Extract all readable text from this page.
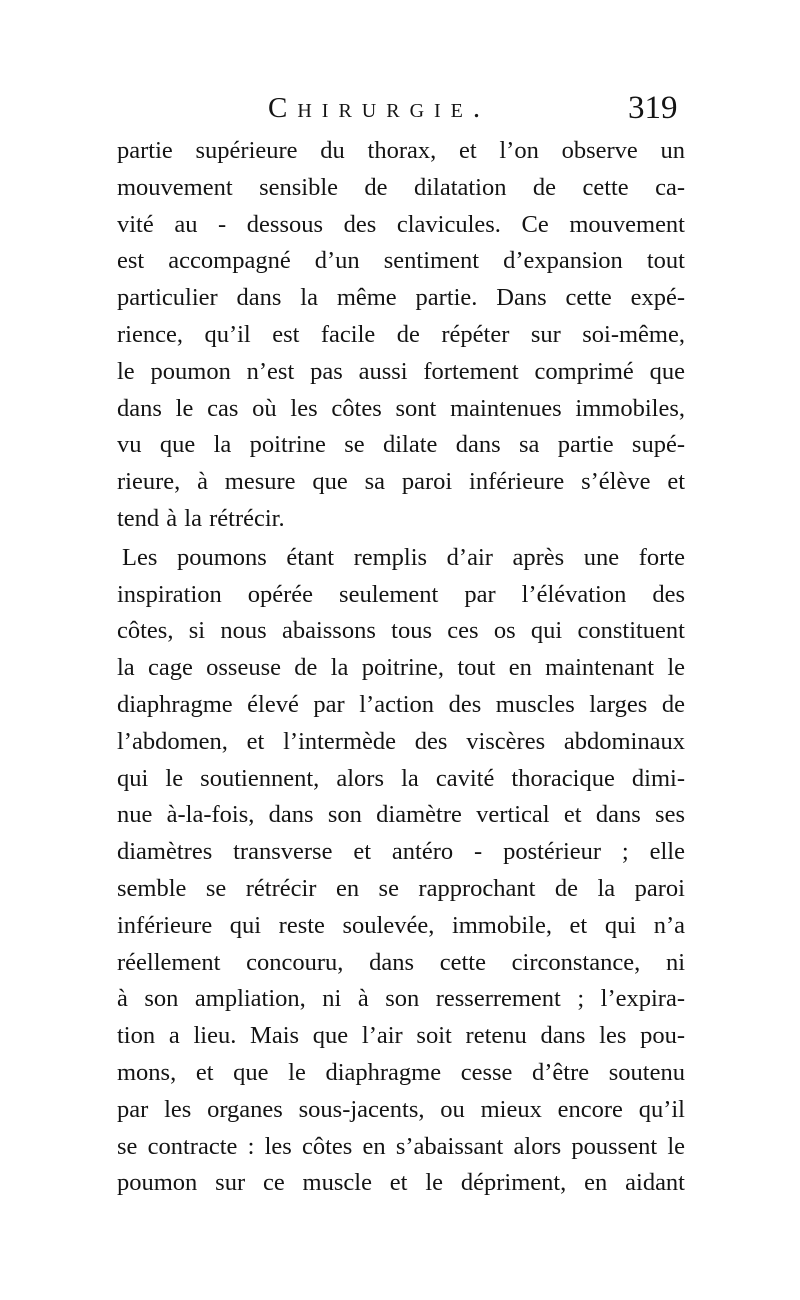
Chirurgie.	319
partie supérieure du thorax, et l’on observe un
mouvement sensible de dilatation de cette ca-
vité au - dessous des clavicules. Ce mouvement
est accompagné d’un sentiment d’expansion tout
particulier dans la même partie. Dans cette expé-
rience, qu’il est facile de répéter sur soi-même,
le poumon n’est pas aussi fortement comprimé que
dans le cas où les côtes sont maintenues immobiles,
vu que la poitrine se dilate dans sa partie supé-
rieure, à mesure que sa paroi inférieure s’élève et
tend à la rétrécir.
Les poumons étant remplis d’air après une forte
inspiration opérée seulement par l’élévation des
côtes, si nous abaissons tous ces os qui constituent
la cage osseuse de la poitrine, tout en maintenant le
diaphragme élevé par l’action des muscles larges de
l’abdomen, et l’intermède des viscères abdominaux
qui le soutiennent, alors la cavité thoracique dimi-
nue à-la-fois, dans son diamètre vertical et dans ses
diamètres transverse et antéro - postérieur ; elle
semble se rétrécir en se rapprochant de la paroi
inférieure qui reste soulevée, immobile, et qui n’a
réellement concouru, dans cette circonstance, ni
à son ampliation, ni à son resserrement ; l’expira-
tion a lieu. Mais que l’air soit retenu dans les pou-
mons, et que le diaphragme cesse d’être soutenu
par les organes sous-jacents, ou mieux encore qu’il
se contracte : les côtes en s’abaissant alors poussent le
poumon sur ce muscle et le dépriment, en aidant
